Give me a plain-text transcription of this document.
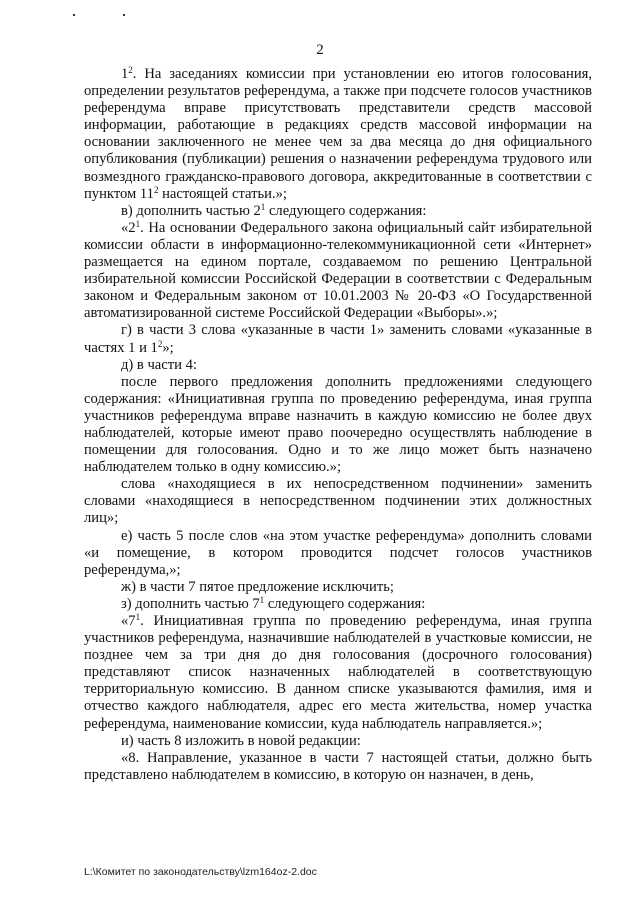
2

$1^2$. На заседаниях комиссии при установлении ею итогов голосования, определении результатов референдума, а также при подсчете голосов участников референдума вправе присутствовать представители средств массовой информации, работающие в редакциях средств массовой информации на основании заключенного не менее чем за два месяца до дня официального опубликования (публикации) решения о назначении референдума трудового или возмездного гражданско-правового договора, аккредитованные в соответствии с пунктом $11^2$ настоящей статьи.»;

в) дополнить частью $2^1$ следующего содержания:

«$2^1$. На основании Федерального закона официальный сайт избирательной комиссии области в информационно-телекоммуникационной сети «Интернет» размещается на едином портале, создаваемом по решению Центральной избирательной комиссии Российской Федерации в соответствии с Федеральным законом и Федеральным законом от 10.01.2003 № 20-ФЗ «О Государственной автоматизированной системе Российской Федерации «Выборы».»;

г) в части 3 слова «указанные в части 1» заменить словами «указанные в частях 1 и $1^2$»;

д) в части 4:

после первого предложения дополнить предложениями следующего содержания: «Инициативная группа по проведению референдума, иная группа участников референдума вправе назначить в каждую комиссию не более двух наблюдателей, которые имеют право поочередно осуществлять наблюдение в помещении для голосования. Одно и то же лицо может быть назначено наблюдателем только в одну комиссию.»;

слова «находящиеся в их непосредственном подчинении» заменить словами «находящиеся в непосредственном подчинении этих должностных лиц»;

е) часть 5 после слов «на этом участке референдума» дополнить словами «и помещение, в котором проводится подсчет голосов участников референдума,»;

ж) в части 7 пятое предложение исключить;

з) дополнить частью $7^1$ следующего содержания:

«$7^1$. Инициативная группа по проведению референдума, иная группа участников референдума, назначившие наблюдателей в участковые комиссии, не позднее чем за три дня до дня голосования (досрочного голосования) представляют список назначенных наблюдателей в соответствующую территориальную комиссию. В данном списке указываются фамилия, имя и отчество каждого наблюдателя, адрес его места жительства, номер участка референдума, наименование комиссии, куда наблюдатель направляется.»;

и) часть 8 изложить в новой редакции:

«8. Направление, указанное в части 7 настоящей статьи, должно быть представлено наблюдателем в комиссию, в которую он назначен, в день,

L:\Комитет по законодательству\lzm164oz-2.doc
